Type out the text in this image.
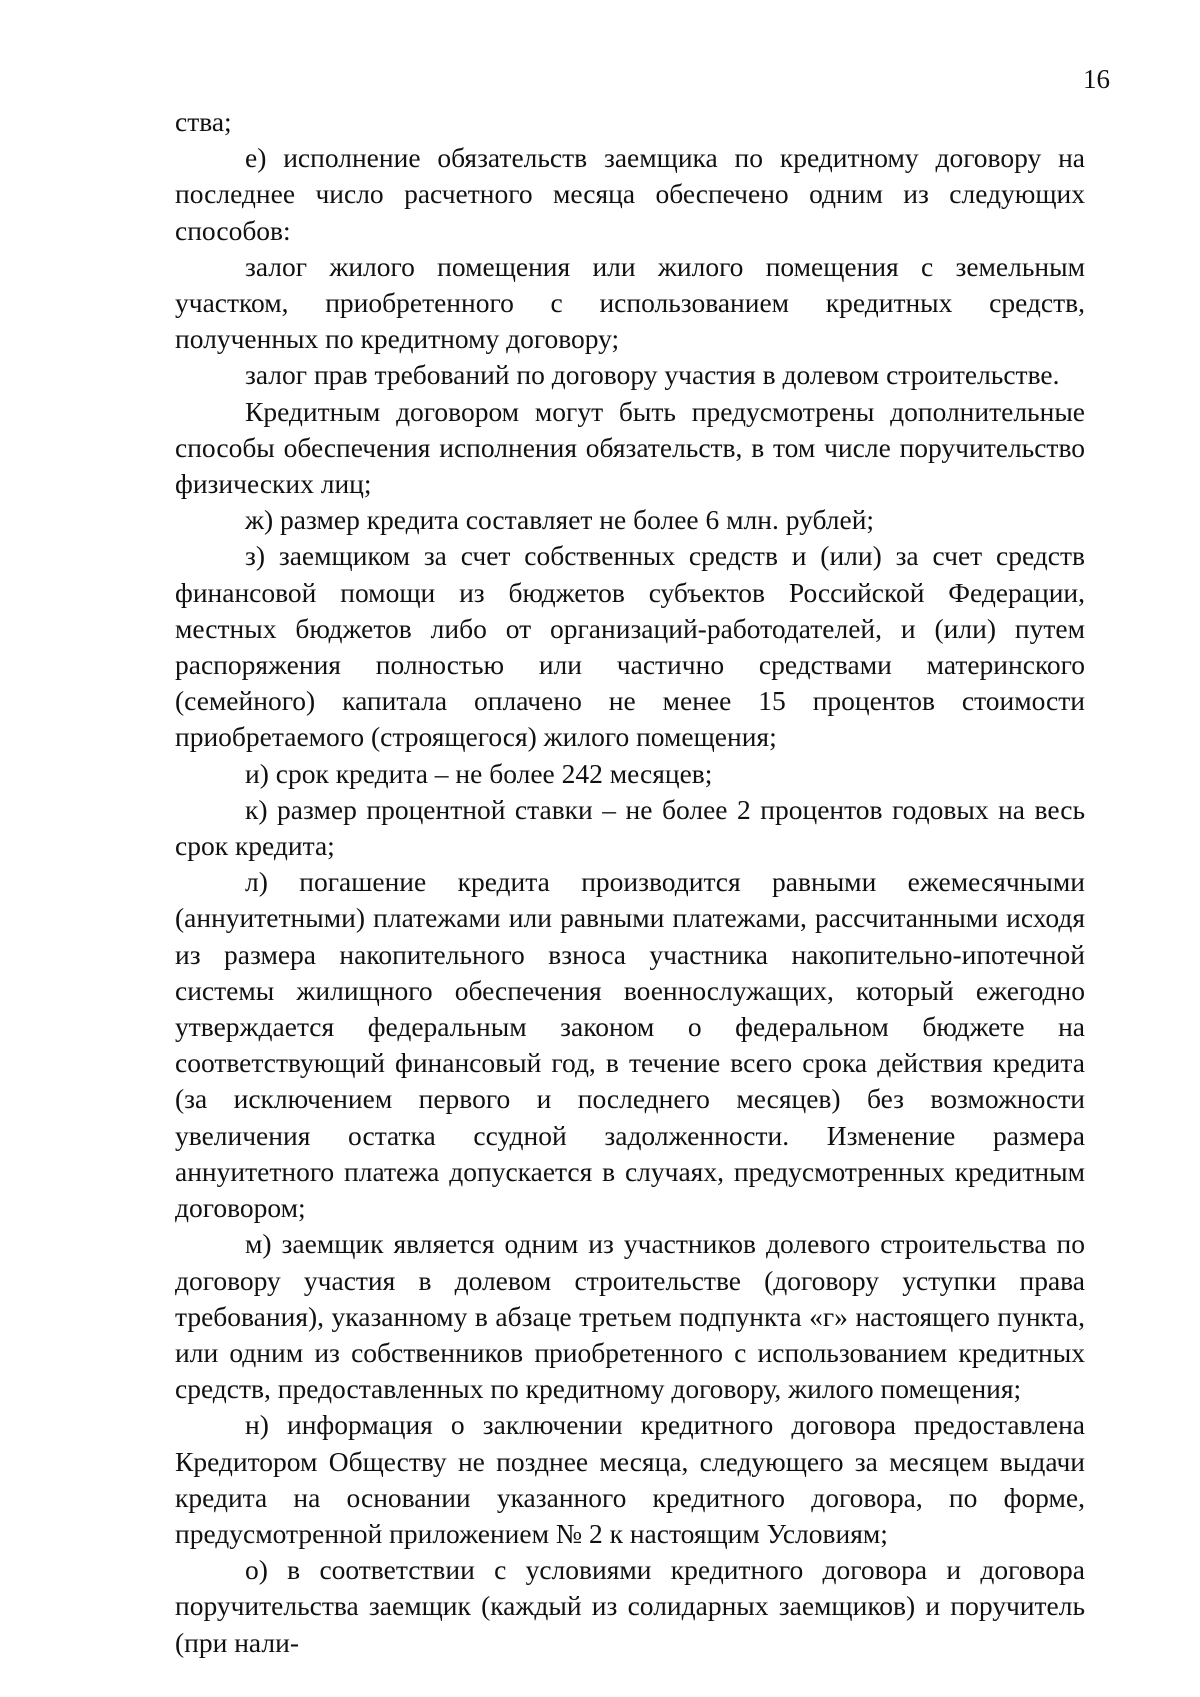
16

ства;

е) исполнение обязательств заемщика по кредитному договору на последнее число расчетного месяца обеспечено одним из следующих способов:

залог жилого помещения или жилого помещения с земельным участком, приобретенного с использованием кредитных средств, полученных по кредитному договору;

залог прав требований по договору участия в долевом строительстве.

Кредитным договором могут быть предусмотрены дополнительные способы обеспечения исполнения обязательств, в том числе поручительство физических лиц;

ж) размер кредита составляет не более 6 млн. рублей;

з) заемщиком за счет собственных средств и (или) за счет средств финансовой помощи из бюджетов субъектов Российской Федерации, местных бюджетов либо от организаций-работодателей, и (или) путем распоряжения полностью или частично средствами материнского (семейного) капитала оплачено не менее 15 процентов стоимости приобретаемого (строящегося) жилого помещения;

и) срок кредита – не более 242 месяцев;

к) размер процентной ставки – не более 2 процентов годовых на весь срок кредита;

л) погашение кредита производится равными ежемесячными (аннуитетными) платежами или равными платежами, рассчитанными исходя из размера накопительного взноса участника накопительно-ипотечной системы жилищного обеспечения военнослужащих, который ежегодно утверждается федеральным законом о федеральном бюджете на соответствующий финансовый год, в течение всего срока действия кредита (за исключением первого и последнего месяцев) без возможности увеличения остатка ссудной задолженности. Изменение размера аннуитетного платежа допускается в случаях, предусмотренных кредитным договором;

м) заемщик является одним из участников долевого строительства по договору участия в долевом строительстве (договору уступки права требования), указанному в абзаце третьем подпункта «г» настоящего пункта, или одним из собственников приобретенного с использованием кредитных средств, предоставленных по кредитному договору, жилого помещения;

н) информация о заключении кредитного договора предоставлена Кредитором Обществу не позднее месяца, следующего за месяцем выдачи кредита на основании указанного кредитного договора, по форме, предусмотренной приложением № 2 к настоящим Условиям;

о) в соответствии с условиями кредитного договора и договора поручительства заемщик (каждый из солидарных заемщиков) и поручитель (при нали-
